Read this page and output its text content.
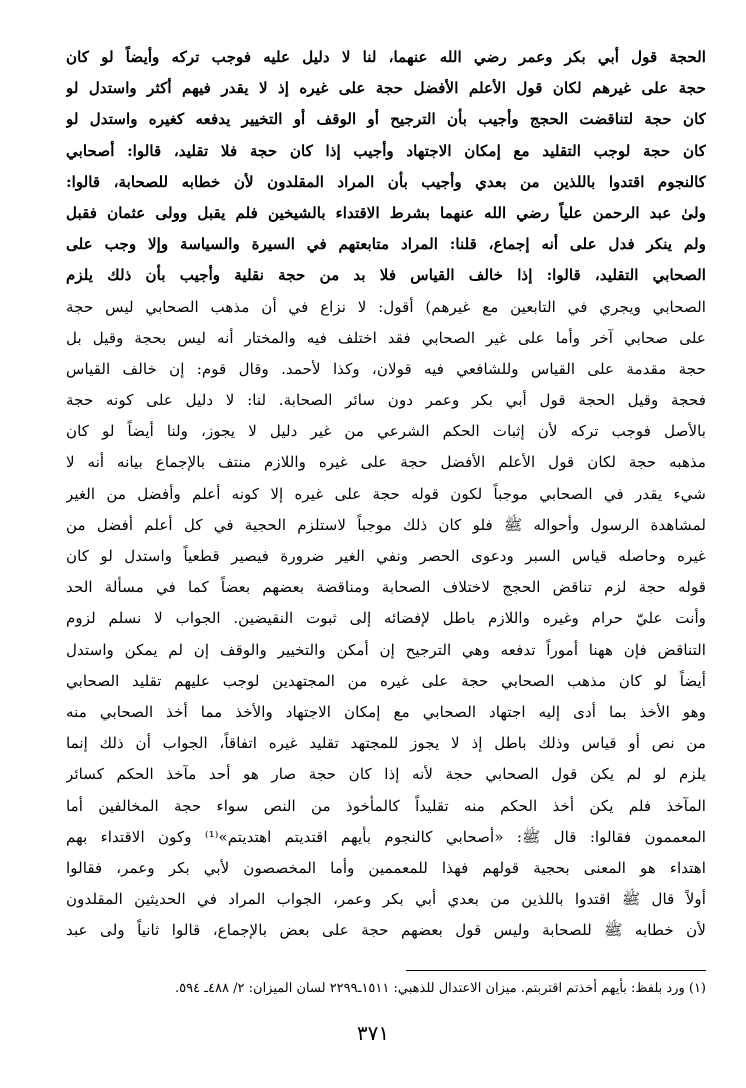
الحجة قول أبي بكر وعمر رضي الله عنهما، لنا لا دليل عليه فوجب تركه وأيضاً لو كان
حجة على غيرهم لكان قول الأعلم الأفضل حجة على غيره إذ لا يقدر فيهم أكثر واستدل لو
كان حجة لتناقضت الحجج وأجيب بأن الترجيح أو الوقف أو التخيير يدفعه كغيره واستدل لو
كان حجة لوجب التقليد مع إمكان الاجتهاد وأجيب إذا كان حجة فلا تقليد، قالوا: أصحابي
كالنجوم اقتدوا باللذين من بعدي وأجيب بأن المراد المقلدون لأن خطابه للصحابة، قالوا:
ولىٰ عبد الرحمن علياً رضي الله عنهما بشرط الاقتداء بالشيخين فلم يقبل وولى عثمان فقبل
ولم ينكر فدل على أنه إجماع، قلنا: المراد متابعتهم في السيرة والسياسة وإلا وجب على
الصحابي التقليد، قالوا: إذا خالف القياس فلا بد من حجة نقلية وأجيب بأن ذلك يلزم
الصحابي ويجري في التابعين مع غيرهم) أقول: لا نزاع في أن مذهب الصحابي ليس حجة
على صحابي آخر وأما على غير الصحابي فقد اختلف فيه والمختار أنه ليس بحجة وقيل بل
حجة مقدمة على القياس وللشافعي فيه قولان، وكذا لأحمد. وقال قوم: إن خالف القياس
فحجة وقيل الحجة قول أبي بكر وعمر دون سائر الصحابة. لنا: لا دليل على كونه حجة
بالأصل فوجب تركه لأن إثبات الحكم الشرعي من غير دليل لا يجوز، ولنا أيضاً لو كان
مذهبه حجة لكان قول الأعلم الأفضل حجة على غيره واللازم منتف بالإجماع بيانه أنه لا
شيء يقدر في الصحابي موجباً لكون قوله حجة على غيره إلا كونه أعلم وأفضل من الغير
لمشاهدة الرسول وأحواله ﷺ فلو كان ذلك موجباً لاستلزم الحجية في كل أعلم أفضل من
غيره وحاصله قياس السبر ودعوى الحصر ونفي الغير ضرورة فيصير قطعياً واستدل لو كان
قوله حجة لزم تناقض الحجج لاختلاف الصحابة ومناقضة بعضهم بعضاً كما في مسألة الحد
وأنت عليّ حرام وغيره واللازم باطل لإفضائه إلى ثبوت النقيضين. الجواب لا نسلم لزوم
التناقض فإن ههنا أموراً تدفعه وهي الترجيح إن أمكن والتخيير والوقف إن لم يمكن واستدل
أيضاً لو كان مذهب الصحابي حجة على غيره من المجتهدين لوجب عليهم تقليد الصحابي
وهو الأخذ بما أدى إليه اجتهاد الصحابي مع إمكان الاجتهاد والأخذ مما أخذ الصحابي منه
من نص أو قياس وذلك باطل إذ لا يجوز للمجتهد تقليد غيره اتفاقاً، الجواب أن ذلك إنما
يلزم لو لم يكن قول الصحابي حجة لأنه إذا كان حجة صار هو أحد مآخذ الحكم كسائر
المآخذ فلم يكن أخذ الحكم منه تقليداً كالمأخوذ من النص سواء حجة المخالفين أما
المعممون فقالوا: قال ﷺ: «أصحابي كالنجوم بأيهم اقتديتم اهتديتم»⁽¹⁾ وكون الاقتداء بهم
اهتداء هو المعنى بحجية قولهم فهذا للمعممين وأما المخصصون لأبي بكر وعمر، فقالوا
أولاً قال ﷺ اقتدوا باللذين من بعدي أبي بكر وعمر، الجواب المراد في الحديثين المقلدون
لأن خطابه ﷺ للصحابة وليس قول بعضهم حجة على بعض بالإجماع، قالوا ثانياً ولى عبد
(١) ورد بلفظ: بأيهم أخذتم اقتربتم. ميزان الاعتدال للذهبي: ١٥١١ـ٢٢٩٩ لسان الميزان: ٢/ ٤٨٨ـ ٥٩٤.
٣٧١
